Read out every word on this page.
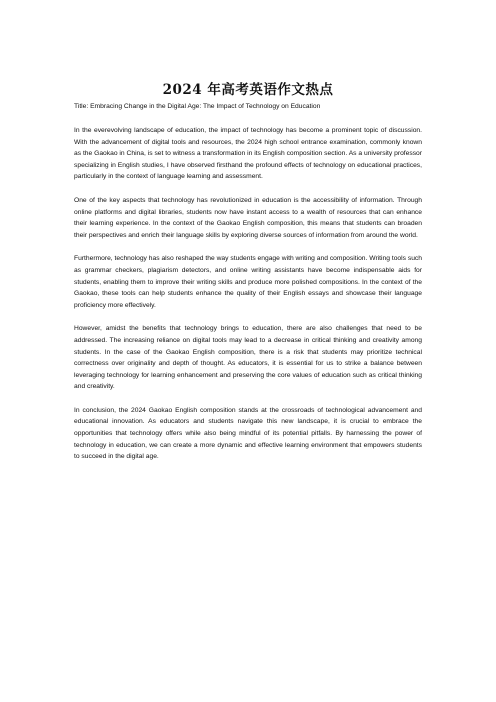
2024 年高考英语作文热点

Title: Embracing Change in the Digital Age: The Impact of Technology on Education

In the everevolving landscape of education, the impact of technology has become a prominent topic of discussion. With the advancement of digital tools and resources, the 2024 high school entrance examination, commonly known as the Gaokao in China, is set to witness a transformation in its English composition section. As a university professor specializing in English studies, I have observed firsthand the profound effects of technology on educational practices, particularly in the context of language learning and assessment.

One of the key aspects that technology has revolutionized in education is the accessibility of information. Through online platforms and digital libraries, students now have instant access to a wealth of resources that can enhance their learning experience. In the context of the Gaokao English composition, this means that students can broaden their perspectives and enrich their language skills by exploring diverse sources of information from around the world.

Furthermore, technology has also reshaped the way students engage with writing and composition. Writing tools such as grammar checkers, plagiarism detectors, and online writing assistants have become indispensable aids for students, enabling them to improve their writing skills and produce more polished compositions. In the context of the Gaokao, these tools can help students enhance the quality of their English essays and showcase their language proficiency more effectively.

However, amidst the benefits that technology brings to education, there are also challenges that need to be addressed. The increasing reliance on digital tools may lead to a decrease in critical thinking and creativity among students. In the case of the Gaokao English composition, there is a risk that students may prioritize technical correctness over originality and depth of thought. As educators, it is essential for us to strike a balance between leveraging technology for learning enhancement and preserving the core values of education such as critical thinking and creativity.

In conclusion, the 2024 Gaokao English composition stands at the crossroads of technological advancement and educational innovation. As educators and students navigate this new landscape, it is crucial to embrace the opportunities that technology offers while also being mindful of its potential pitfalls. By harnessing the power of technology in education, we can create a more dynamic and effective learning environment that empowers students to succeed in the digital age.
